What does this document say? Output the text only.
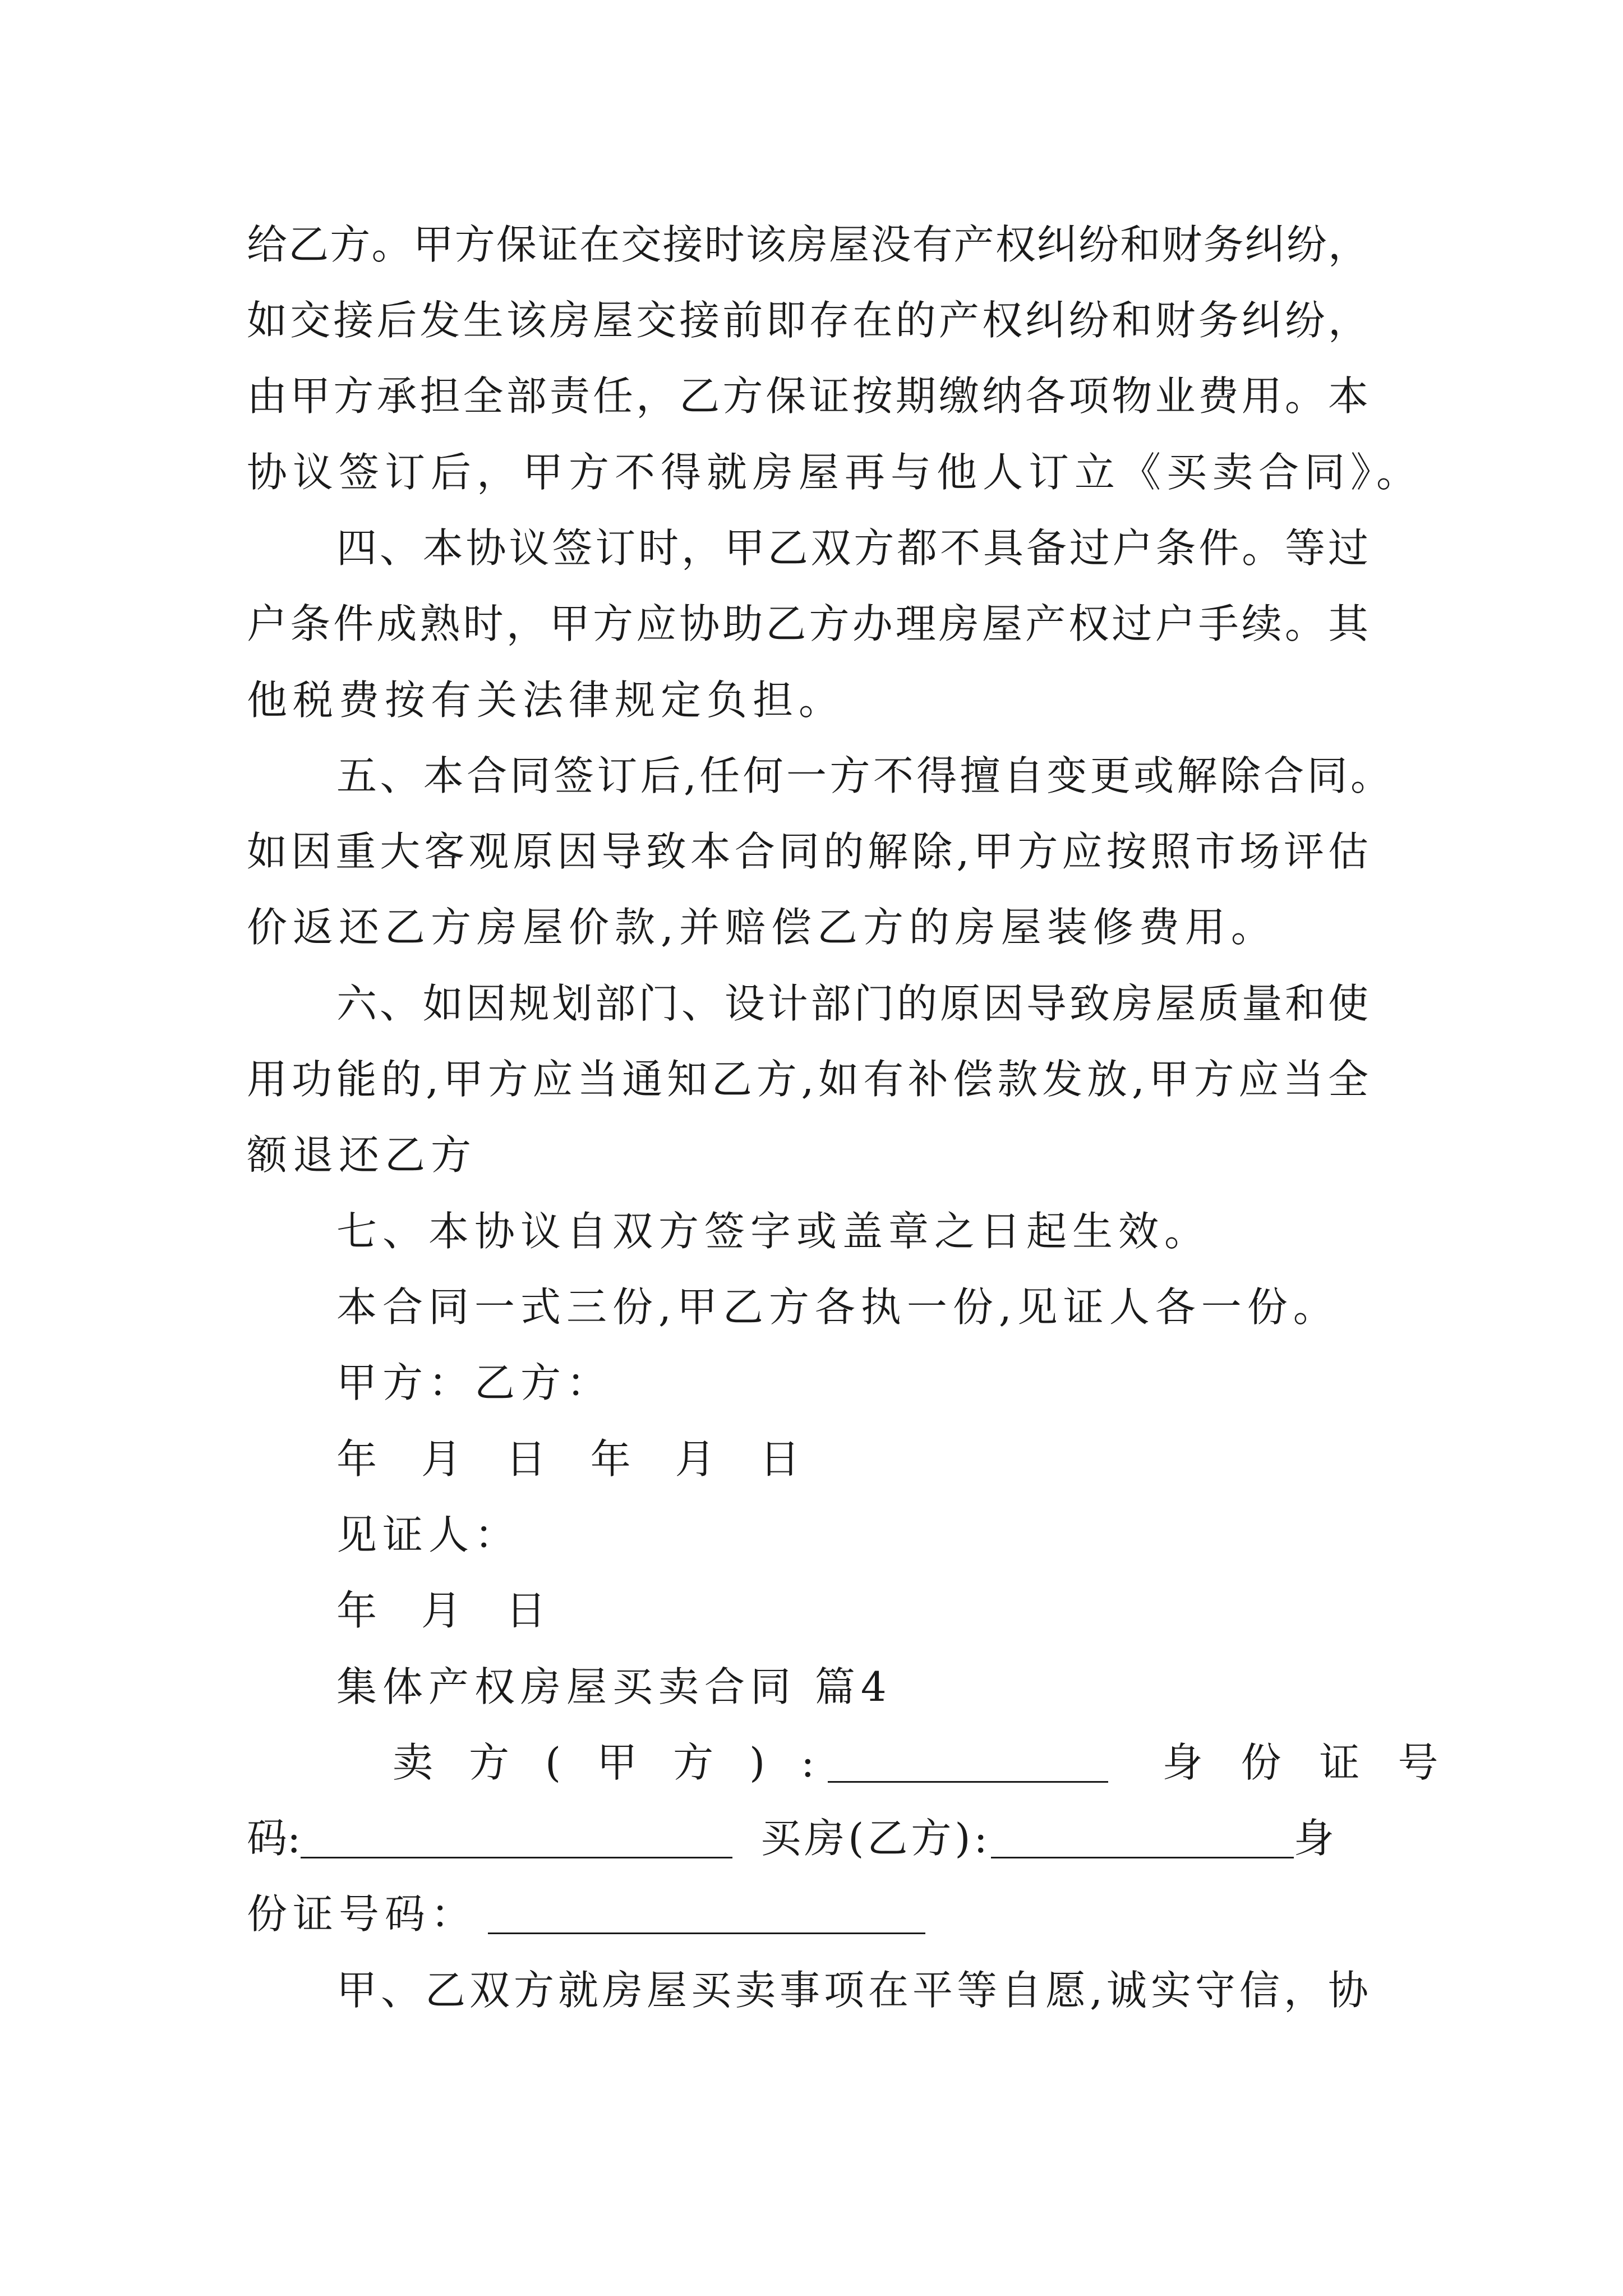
给乙方。甲方保证在交接时该房屋没有产权纠纷和财务纠纷，
如交接后发生该房屋交接前即存在的产权纠纷和财务纠纷，
由甲方承担全部责任，乙方保证按期缴纳各项物业费用。本
协议签订后，甲方不得就房屋再与他人订立《买卖合同》。
四、本协议签订时，甲乙双方都不具备过户条件。等过
户条件成熟时，甲方应协助乙方办理房屋产权过户手续。其
他税费按有关法律规定负担。
五、本合同签订后,任何一方不得擅自变更或解除合同。
如因重大客观原因导致本合同的解除,甲方应按照市场评估
价返还乙方房屋价款,并赔偿乙方的房屋装修费用。
六、如因规划部门、设计部门的原因导致房屋质量和使
用功能的,甲方应当通知乙方,如有补偿款发放,甲方应当全
额退还乙方
七、本协议自双方签字或盖章之日起生效。
本合同一式三份,甲乙方各执一份,见证人各一份。
甲方：乙方：
年 月 日 年 月 日
见证人：
年 月 日
集体产权房屋买卖合同 篇4
卖方(甲方):	身份证号
码:	买房(乙方):	身
份证号码：
甲、乙双方就房屋买卖事项在平等自愿,诚实守信，协
